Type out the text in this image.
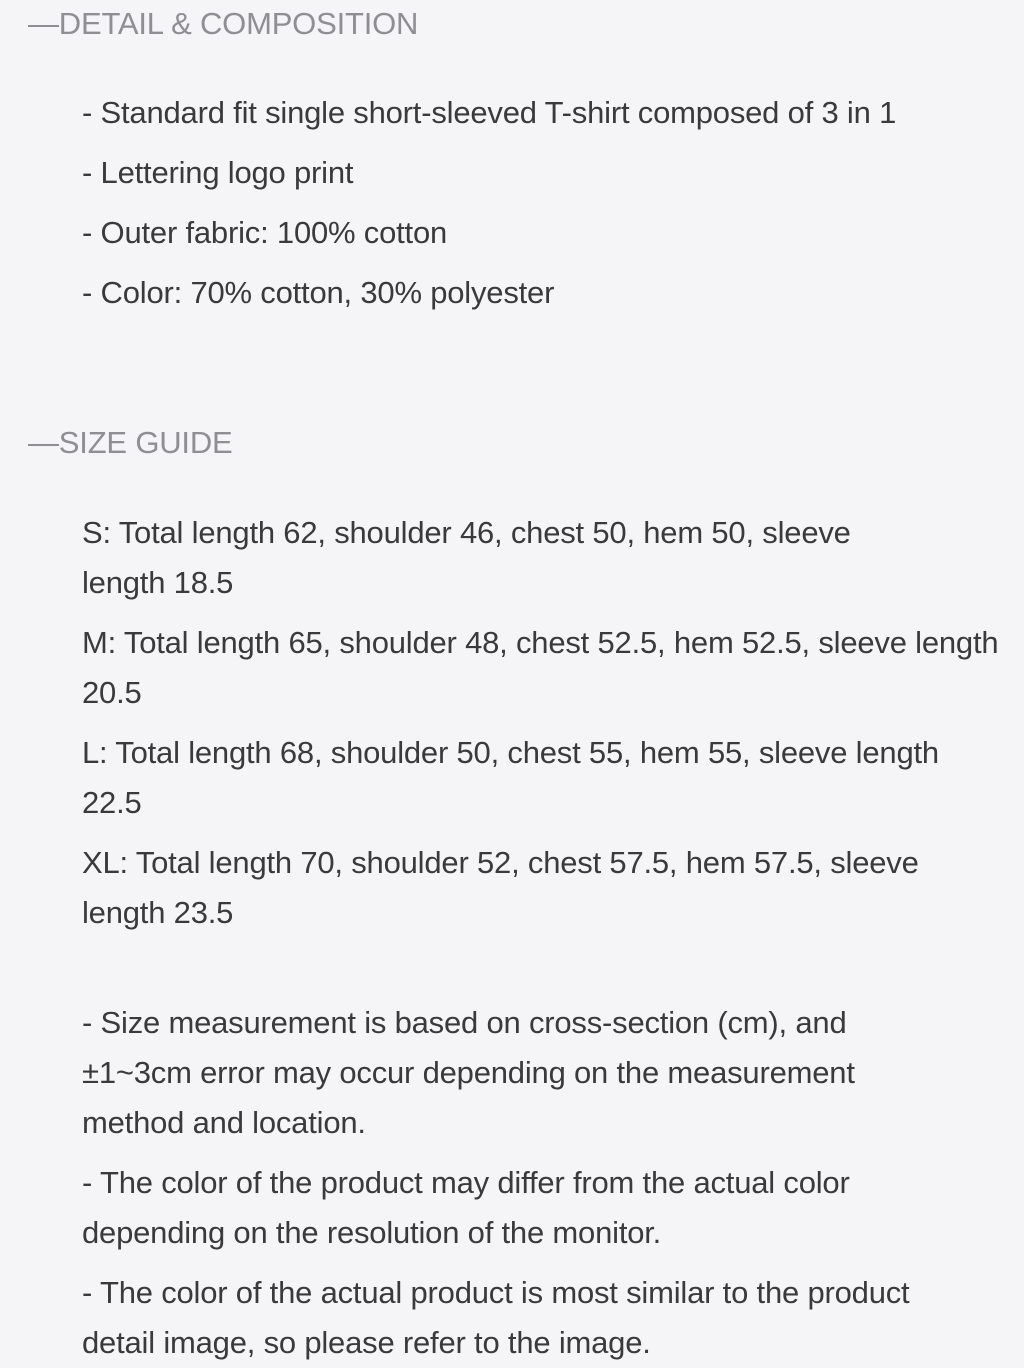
—DETAIL & COMPOSITION
- Standard fit single short-sleeved T-shirt composed of 3 in 1
- Lettering logo print
- Outer fabric: 100% cotton
- Color: 70% cotton, 30% polyester
—SIZE GUIDE
S: Total length 62, shoulder 46, chest 50, hem 50, sleeve length 18.5
M: Total length 65, shoulder 48, chest 52.5, hem 52.5, sleeve length 20.5
L: Total length 68, shoulder 50, chest 55, hem 55, sleeve length 22.5
XL: Total length 70, shoulder 52, chest 57.5, hem 57.5, sleeve length 23.5
- Size measurement is based on cross-section (cm), and ±1~3cm error may occur depending on the measurement method and location.
- The color of the product may differ from the actual color depending on the resolution of the monitor.
- The color of the actual product is most similar to the product detail image, so please refer to the image.
